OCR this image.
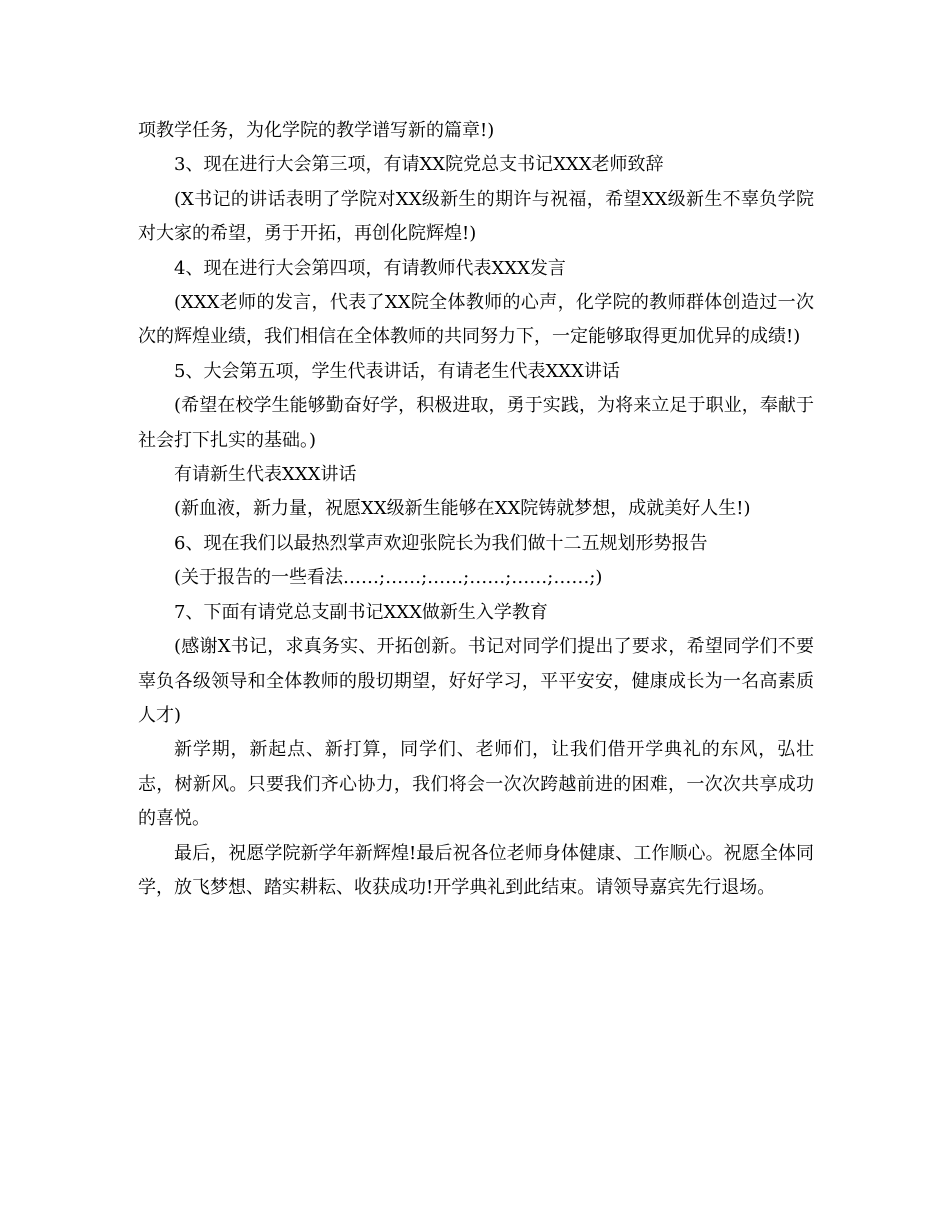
项教学任务，为化学院的教学谱写新的篇章!)

3、现在进行大会第三项，有请XX院党总支书记XXX老师致辞

(X书记的讲话表明了学院对XX级新生的期许与祝福，希望XX级新生不辜负学院对大家的希望，勇于开拓，再创化院辉煌!)

4、现在进行大会第四项，有请教师代表XXX发言

(XXX老师的发言，代表了XX院全体教师的心声，化学院的教师群体创造过一次次的辉煌业绩，我们相信在全体教师的共同努力下，一定能够取得更加优异的成绩!)

5、大会第五项，学生代表讲话，有请老生代表XXX讲话

(希望在校学生能够勤奋好学，积极进取，勇于实践，为将来立足于职业，奉献于社会打下扎实的基础。)

有请新生代表XXX讲话

(新血液，新力量，祝愿XX级新生能够在XX院铸就梦想，成就美好人生!)

6、现在我们以最热烈掌声欢迎张院长为我们做十二五规划形势报告

(关于报告的一些看法……;……;……;……;……;……;)

7、下面有请党总支副书记XXX做新生入学教育

(感谢X书记，求真务实、开拓创新。书记对同学们提出了要求，希望同学们不要辜负各级领导和全体教师的殷切期望，好好学习，平平安安，健康成长为一名高素质人才)

新学期，新起点、新打算，同学们、老师们，让我们借开学典礼的东风，弘壮志，树新风。只要我们齐心协力，我们将会一次次跨越前进的困难，一次次共享成功的喜悦。

最后，祝愿学院新学年新辉煌!最后祝各位老师身体健康、工作顺心。祝愿全体同学，放飞梦想、踏实耕耘、收获成功!开学典礼到此结束。请领导嘉宾先行退场。
